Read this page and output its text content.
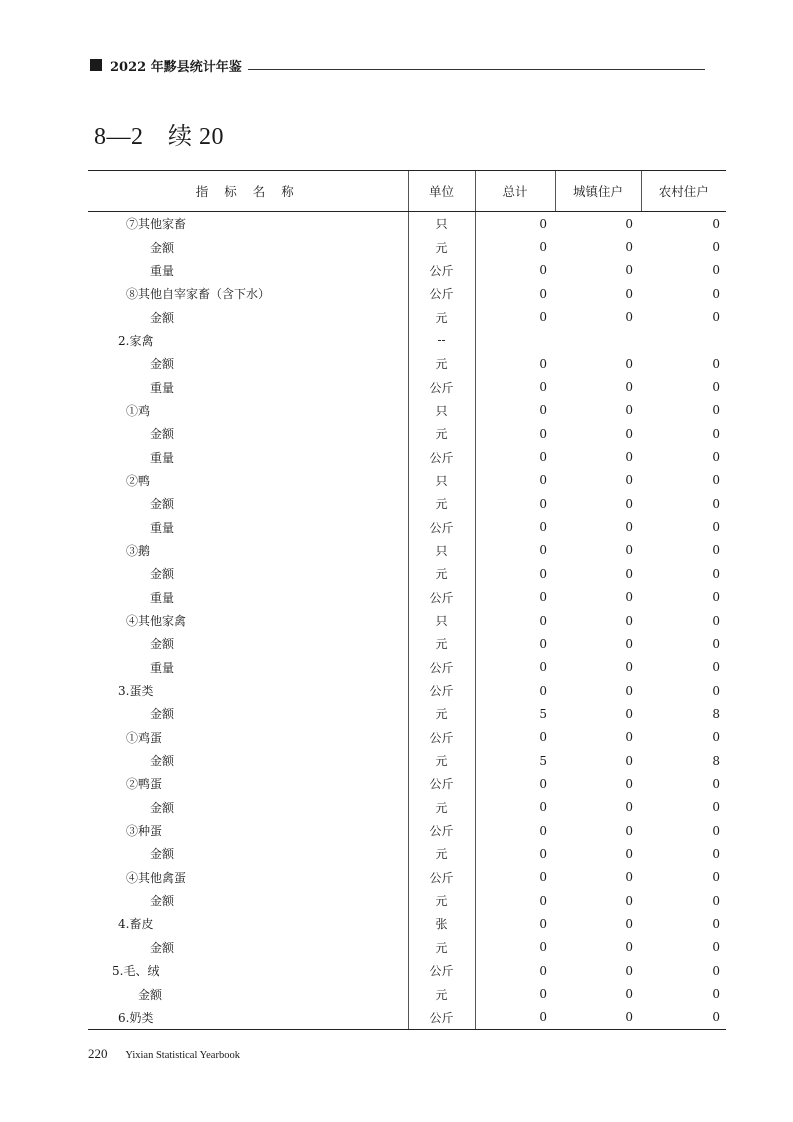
2022 年黟县统计年鉴
8—2　续 20
指 标 名 称	单位	总计	城镇住户	农村住户
⑦其他家畜	只	0	0	0
金额	元	0	0	0
重量	公斤	0	0	0
⑧其他自宰家畜（含下水）	公斤	0	0	0
金额	元	0	0	0
2.家禽	--			
金额	元	0	0	0
重量	公斤	0	0	0
①鸡	只	0	0	0
金额	元	0	0	0
重量	公斤	0	0	0
②鸭	只	0	0	0
金额	元	0	0	0
重量	公斤	0	0	0
③鹅	只	0	0	0
金额	元	0	0	0
重量	公斤	0	0	0
④其他家禽	只	0	0	0
金额	元	0	0	0
重量	公斤	0	0	0
3.蛋类	公斤	0	0	0
金额	元	5	0	8
①鸡蛋	公斤	0	0	0
金额	元	5	0	8
②鸭蛋	公斤	0	0	0
金额	元	0	0	0
③种蛋	公斤	0	0	0
金额	元	0	0	0
④其他禽蛋	公斤	0	0	0
金额	元	0	0	0
4.畜皮	张	0	0	0
金额	元	0	0	0
5.毛、绒	公斤	0	0	0
金额	元	0	0	0
6.奶类	公斤	0	0	0
220 Yixian Statistical Yearbook
